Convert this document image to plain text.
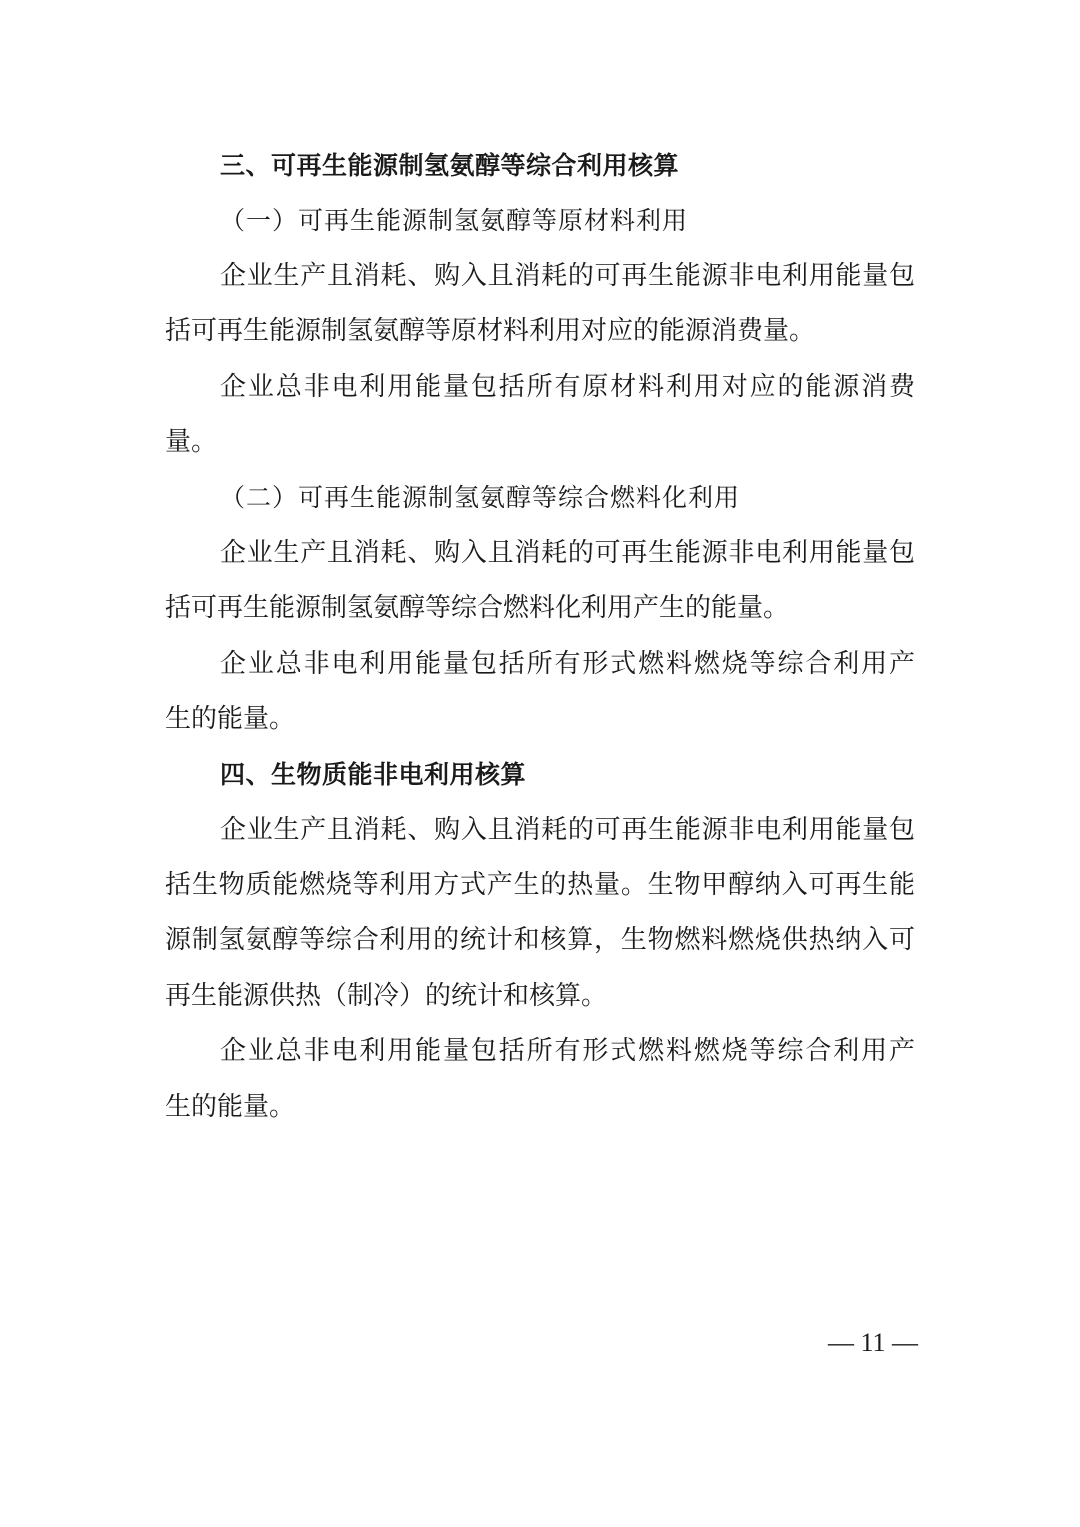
三、可再生能源制氢氨醇等综合利用核算
（一）可再生能源制氢氨醇等原材料利用
企业生产且消耗、购入且消耗的可再生能源非电利用能量包
括可再生能源制氢氨醇等原材料利用对应的能源消费量。
企业总非电利用能量包括所有原材料利用对应的能源消费
量。
（二）可再生能源制氢氨醇等综合燃料化利用
企业生产且消耗、购入且消耗的可再生能源非电利用能量包
括可再生能源制氢氨醇等综合燃料化利用产生的能量。
企业总非电利用能量包括所有形式燃料燃烧等综合利用产
生的能量。
四、生物质能非电利用核算
企业生产且消耗、购入且消耗的可再生能源非电利用能量包
括生物质能燃烧等利用方式产生的热量。生物甲醇纳入可再生能
源制氢氨醇等综合利用的统计和核算，生物燃料燃烧供热纳入可
再生能源供热（制冷）的统计和核算。
企业总非电利用能量包括所有形式燃料燃烧等综合利用产
生的能量。
— 11 —
